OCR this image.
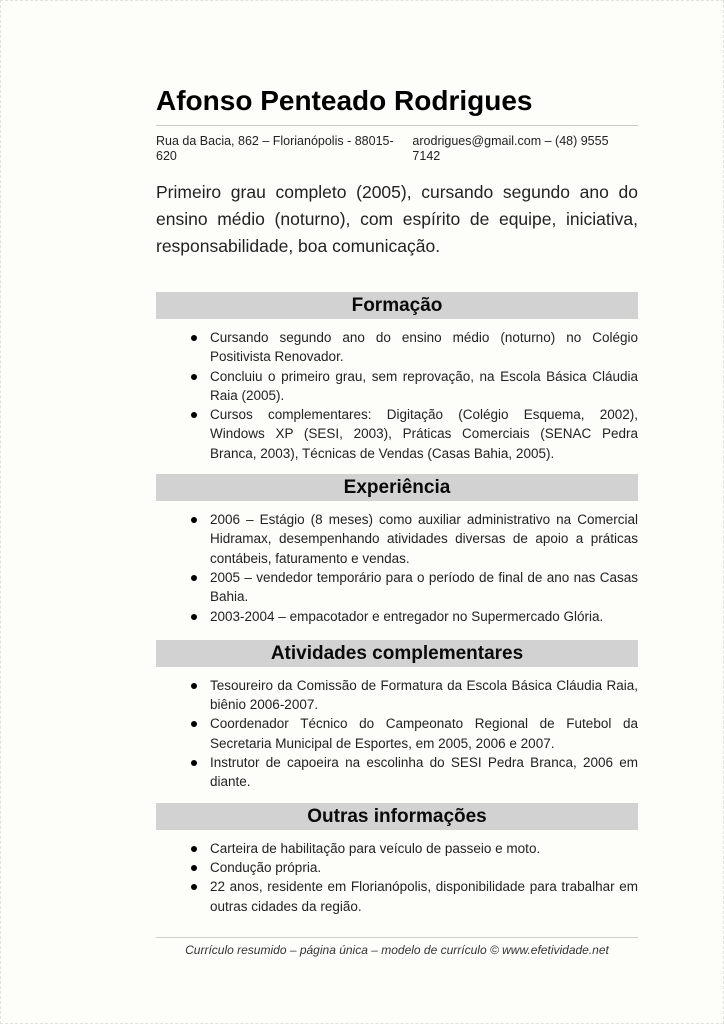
Afonso Penteado Rodrigues
Rua da Bacia, 862 – Florianópolis - 88015-620
arodrigues@gmail.com – (48) 9555 7142
Primeiro grau completo (2005), cursando segundo ano do ensino médio (noturno), com espírito de equipe, iniciativa, responsabilidade, boa comunicação.
Formação
Cursando segundo ano do ensino médio (noturno) no Colégio Positivista Renovador.
Concluiu o primeiro grau, sem reprovação, na Escola Básica Cláudia Raia (2005).
Cursos complementares: Digitação (Colégio Esquema, 2002), Windows XP (SESI, 2003), Práticas Comerciais (SENAC Pedra Branca, 2003), Técnicas de Vendas (Casas Bahia, 2005).
Experiência
2006 – Estágio (8 meses) como auxiliar administrativo na Comercial Hidramax, desempenhando atividades diversas de apoio a práticas contábeis, faturamento e vendas.
2005 – vendedor temporário para o período de final de ano nas Casas Bahia.
2003-2004 – empacotador e entregador no Supermercado Glória.
Atividades complementares
Tesoureiro da Comissão de Formatura da Escola Básica Cláudia Raia, biênio 2006-2007.
Coordenador Técnico do Campeonato Regional de Futebol da Secretaria Municipal de Esportes, em 2005, 2006 e 2007.
Instrutor de capoeira na escolinha do SESI Pedra Branca, 2006 em diante.
Outras informações
Carteira de habilitação para veículo de passeio e moto.
Condução própria.
22 anos, residente em Florianópolis, disponibilidade para trabalhar em outras cidades da região.
Currículo resumido – página única – modelo de currículo © www.efetividade.net
